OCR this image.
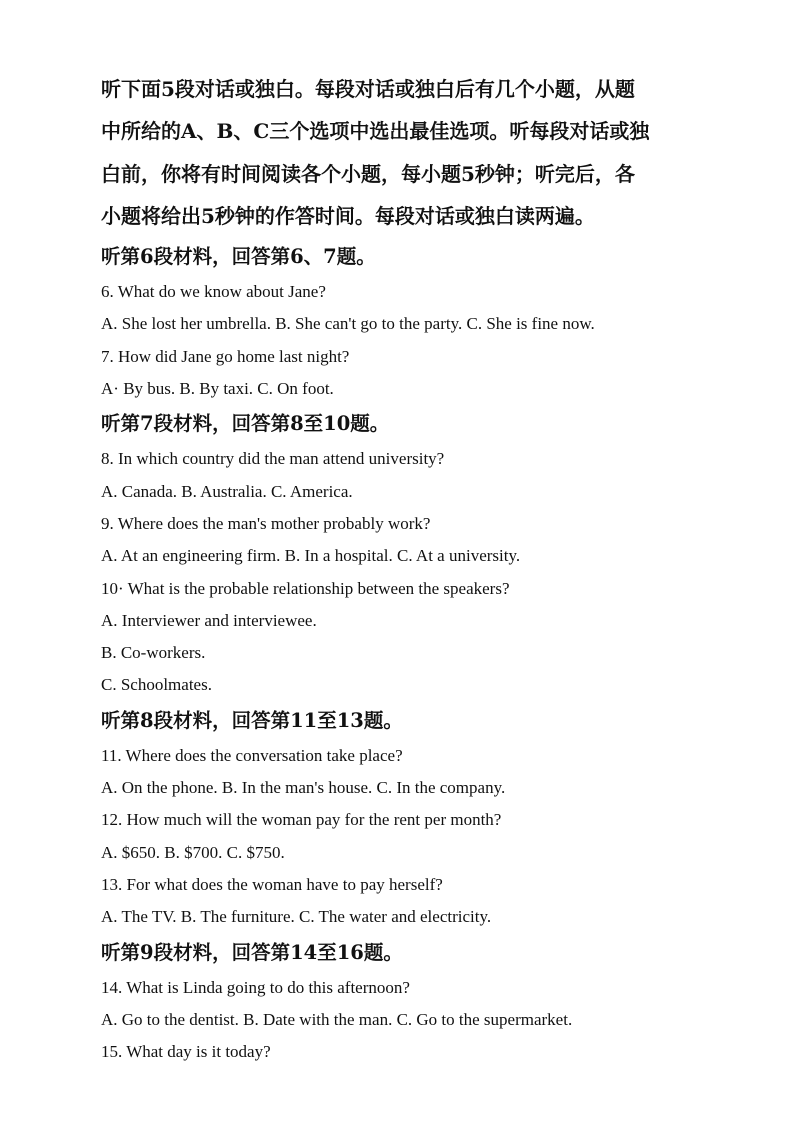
听下面5段对话或独白。每段对话或独白后有几个小题，从题

中所给的A、B、C三个选项中选出最佳选项。听每段对话或独

白前，你将有时间阅读各个小题，每小题5秒钟；听完后，各

小题将给出5秒钟的作答时间。每段对话或独白读两遍。

听第6段材料，回答第6、7题。

6. What do we know about Jane?

A. She lost her umbrella. B. She can't go to the party. C. She is fine now.

7. How did Jane go home last night?

A· By bus. B. By taxi. C. On foot.

听第7段材料，回答第8至10题。

8. In which country did the man attend university?

A. Canada. B. Australia. C. America.

9. Where does the man's mother probably work?

A. At an engineering firm. B. In a hospital. C. At a university.

10· What is the probable relationship between the speakers?

A. Interviewer and interviewee.

B. Co-workers.

C. Schoolmates.

听第8段材料，回答第11至13题。

11. Where does the conversation take place?

A. On the phone. B. In the man's house. C. In the company.

12. How much will the woman pay for the rent per month?

A. $650. B. $700. C. $750.

13. For what does the woman have to pay herself?

A. The TV. B. The furniture. C. The water and electricity.

听第9段材料，回答第14至16题。

14. What is Linda going to do this afternoon?

A. Go to the dentist. B. Date with the man. C. Go to the supermarket.

15. What day is it today?
